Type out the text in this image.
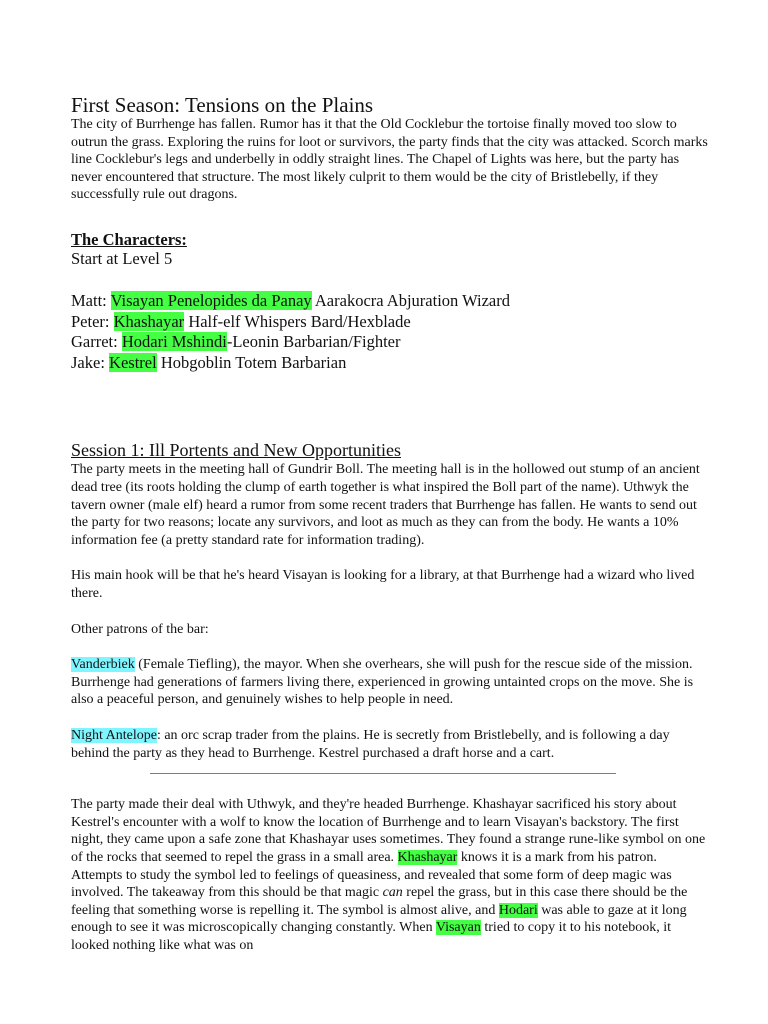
First Season: Tensions on the Plains

The city of Burrhenge has fallen. Rumor has it that the Old Cocklebur the tortoise finally moved too slow to outrun the grass. Exploring the ruins for loot or survivors, the party finds that the city was attacked. Scorch marks line Cocklebur's legs and underbelly in oddly straight lines. The Chapel of Lights was here, but the party has never encountered that structure. The most likely culprit to them would be the city of Bristlebelly, if they successfully rule out dragons.

The Characters:
Start at Level 5
Matt: Visayan Penelopides da Panay Aarakocra Abjuration Wizard
Peter: Khashayar Half-elf Whispers Bard/Hexblade
Garret: Hodari Mshindi-Leonin Barbarian/Fighter
Jake: Kestrel Hobgoblin Totem Barbarian
Session 1: Ill Portents and New Opportunities

The party meets in the meeting hall of Gundrir Boll. The meeting hall is in the hollowed out stump of an ancient dead tree (its roots holding the clump of earth together is what inspired the Boll part of the name). Uthwyk the tavern owner (male elf) heard a rumor from some recent traders that Burrhenge has fallen. He wants to send out the party for two reasons; locate any survivors, and loot as much as they can from the body. He wants a 10% information fee (a pretty standard rate for information trading).

His main hook will be that he's heard Visayan is looking for a library, at that Burrhenge had a wizard who lived there.

Other patrons of the bar:

Vanderbiek (Female Tiefling), the mayor. When she overhears, she will push for the rescue side of the mission. Burrhenge had generations of farmers living there, experienced in growing untainted crops on the move. She is also a peaceful person, and genuinely wishes to help people in need.

Night Antelope: an orc scrap trader from the plains. He is secretly from Bristlebelly, and is following a day behind the party as they head to Burrhenge. Kestrel purchased a draft horse and a cart.

The party made their deal with Uthwyk, and they're headed Burrhenge. Khashayar sacrificed his story about Kestrel's encounter with a wolf to know the location of Burrhenge and to learn Visayan's backstory. The first night, they came upon a safe zone that Khashayar uses sometimes. They found a strange rune-like symbol on one of the rocks that seemed to repel the grass in a small area. Khashayar knows it is a mark from his patron. Attempts to study the symbol led to feelings of queasiness, and revealed that some form of deep magic was involved. The takeaway from this should be that magic can repel the grass, but in this case there should be the feeling that something worse is repelling it. The symbol is almost alive, and Hodari was able to gaze at it long enough to see it was microscopically changing constantly. When Visayan tried to copy it to his notebook, it looked nothing like what was on
